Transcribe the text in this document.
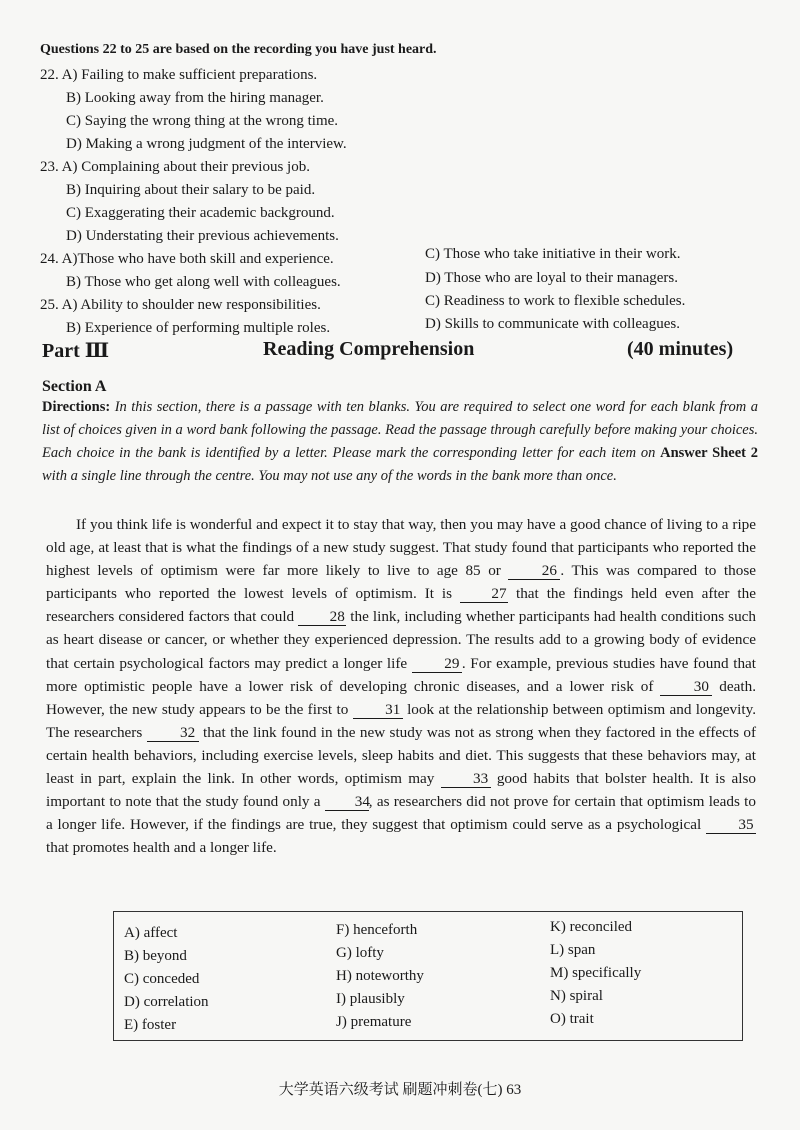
Questions 22 to 25 are based on the recording you have just heard.
22. A) Failing to make sufficient preparations.
B) Looking away from the hiring manager.
C) Saying the wrong thing at the wrong time.
D) Making a wrong judgment of the interview.
23. A) Complaining about their previous job.
B) Inquiring about their salary to be paid.
C) Exaggerating their academic background.
D) Understating their previous achievements.
24. A)Those who have both skill and experience.
B) Those who get along well with colleagues.
C) Those who take initiative in their work.
D) Those who are loyal to their managers.
25. A) Ability to shoulder new responsibilities.
B) Experience of performing multiple roles.
C) Readiness to work to flexible schedules.
D) Skills to communicate with colleagues.
Part Ⅲ	Reading Comprehension	(40 minutes)
Section A
Directions: In this section, there is a passage with ten blanks. You are required to select one word for each blank from a list of choices given in a word bank following the passage. Read the passage through carefully before making your choices. Each choice in the bank is identified by a letter. Please mark the corresponding letter for each item on Answer Sheet 2 with a single line through the centre. You may not use any of the words in the bank more than once.

If you think life is wonderful and expect it to stay that way, then you may have a good chance of living to a ripe old age, at least that is what the findings of a new study suggest. That study found that participants who reported the highest levels of optimism were far more likely to live to age 85 or 26 . This was compared to those participants who reported the lowest levels of optimism. It is 27 that the findings held even after the researchers considered factors that could 28 the link, including whether participants had health conditions such as heart disease or cancer, or whether they experienced depression. The results add to a growing body of evidence that certain psychological factors may predict a longer life 29 . For example, previous studies have found that more optimistic people have a lower risk of developing chronic diseases, and a lower risk of 30 death. However, the new study appears to be the first to 31 look at the relationship between optimism and longevity. The researchers 32 that the link found in the new study was not as strong when they factored in the effects of certain health behaviors, including exercise levels, sleep habits and diet. This suggests that these behaviors may, at least in part, explain the link. In other words, optimism may 33 good habits that bolster health. It is also important to note that the study found only a 34, as researchers did not prove for certain that optimism leads to a longer life. However, if the findings are true, they suggest that optimism could serve as a psychological 35 that promotes health and a longer life.

A) affect
B) beyond
C) conceded
D) correlation
E) foster
F) henceforth
G) lofty
H) noteworthy
I) plausibly
J) premature
K) reconciled
L) span
M) specifically
N) spiral
O) trait
大学英语六级考试 刷题冲刺卷(七) 63
